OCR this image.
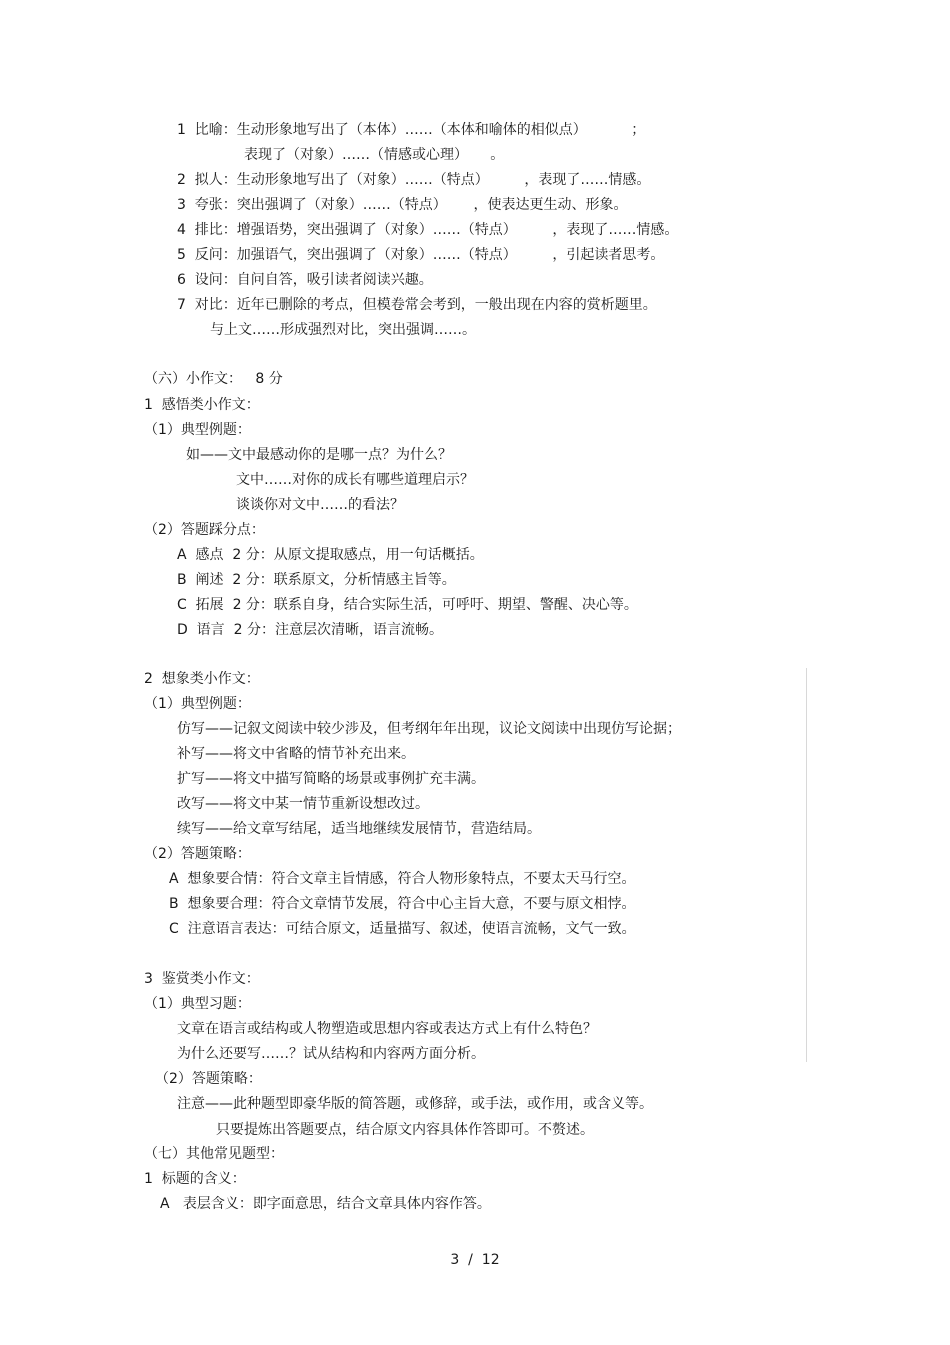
1  比喻：生动形象地写出了（本体）……（本体和喻体的相似点）          ；
表现了（对象）……（情感或心理）     。
2  拟人：生动形象地写出了（对象）……（特点）        ，表现了……情感。
3  夸张：突出强调了（对象）……（特点）      ，使表达更生动、形象。
4  排比：增强语势，突出强调了（对象）……（特点）        ，表现了……情感。
5  反问：加强语气，突出强调了（对象）……（特点）        ，引起读者思考。
6  设问：自问自答，吸引读者阅读兴趣。
7  对比：近年已删除的考点，但模卷常会考到，一般出现在内容的赏析题里。
与上文……形成强烈对比，突出强调……。
（六）小作文：   8 分
1  感悟类小作文：
（1）典型例题：
如——文中最感动你的是哪一点？为什么？
文中……对你的成长有哪些道理启示？
谈谈你对文中……的看法？
（2）答题踩分点：
A  感点  2 分：从原文提取感点，用一句话概括。
B  阐述  2 分：联系原文，分析情感主旨等。
C  拓展  2 分：联系自身，结合实际生活，可呼吁、期望、警醒、决心等。
D  语言  2 分：注意层次清晰，语言流畅。
2  想象类小作文：
（1）典型例题：
仿写——记叙文阅读中较少涉及，但考纲年年出现，议论文阅读中出现仿写论据；
补写——将文中省略的情节补充出来。
扩写——将文中描写简略的场景或事例扩充丰满。
改写——将文中某一情节重新设想改过。
续写——给文章写结尾，适当地继续发展情节，营造结局。
（2）答题策略：
A  想象要合情：符合文章主旨情感，符合人物形象特点，不要太天马行空。
B  想象要合理：符合文章情节发展，符合中心主旨大意，不要与原文相悖。
C  注意语言表达：可结合原文，适量描写、叙述，使语言流畅，文气一致。
3  鉴赏类小作文：
（1）典型习题：
文章在语言或结构或人物塑造或思想内容或表达方式上有什么特色？
为什么还要写……？试从结构和内容两方面分析。
（2）答题策略：
注意——此种题型即豪华版的简答题，或修辞，或手法，或作用，或含义等。
只要提炼出答题要点，结合原文内容具体作答即可。不赘述。
（七）其他常见题型：
1  标题的含义：
A   表层含义：即字面意思，结合文章具体内容作答。
3  /  12
